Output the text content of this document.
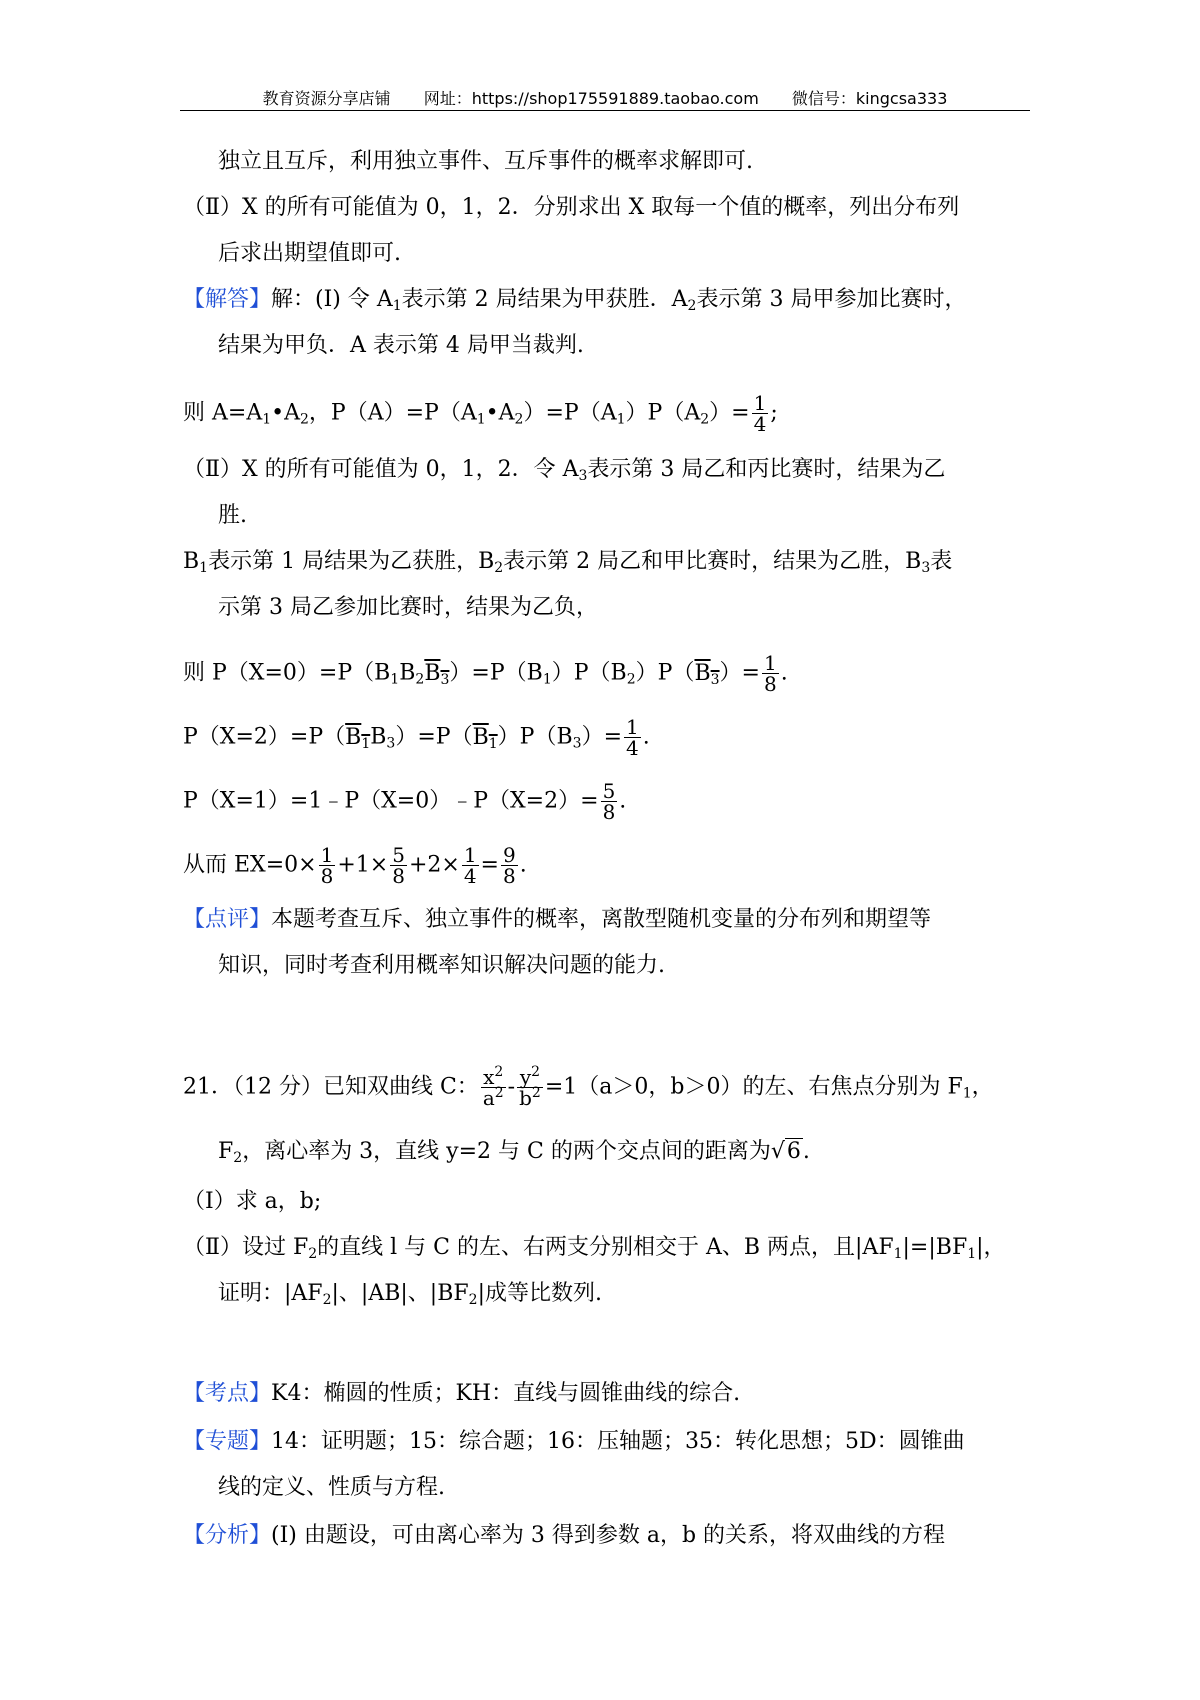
教育资源分享店铺 网址：https://shop175591889.taobao.com 微信号：kingcsa333
独立且互斥，利用独立事件、互斥事件的概率求解即可.
（Ⅱ）X 的所有可能值为 0，1，2．分别求出 X 取每一个值的概率，列出分布列
后求出期望值即可.
【解答】解：(Ⅰ) 令 $A_1$表示第 2 局结果为甲获胜．$A_2$表示第 3 局甲参加比赛时，
结果为甲负．A 表示第 4 局甲当裁判.
则 $A=A_1•A_2$，$P(A)=P(A_1•A_2)=P(A_1)P(A_2)= \frac{1}{4}$ ;
（Ⅱ）X 的所有可能值为 0，1，2．令 $A_3$表示第 3 局乙和丙比赛时，结果为乙
胜.
$B_1$表示第 1 局结果为乙获胜，$B_2$表示第 2 局乙和甲比赛时，结果为乙胜，$B_3$表
示第 3 局乙参加比赛时，结果为乙负，
则 $P(X=0)=P(B_1B_2B_3)=P(B_1)P(B_2)P(B_3)= \frac{1}{8}$ .
$P(X=2)=P(B_1B_3)=P(B_1)P(B_3)= \frac{1}{4}$ .
P（X=1）=1﹣P（X=0）﹣P（X=2）= $\frac{5}{8}$ .
从而 $EX=0\times \frac{1}{8} +1\times \frac{5}{8} +2\times \frac{1}{4} = \frac{9}{8}$ .
【点评】本题考查互斥、独立事件的概率，离散型随机变量的分布列和期望等
知识，同时考查利用概率知识解决问题的能力.
21．（12 分）已知双曲线 C： $\frac{x^2}{a^2} - \frac{y^2}{b^2} =1(a>0$，b＞0）的左、右焦点分别为 $F_1$，
$F_2$，离心率为 3，直线 y=2 与 C 的两个交点间的距离为√6.
（Ⅰ）求 a，b;
（Ⅱ）设过 $F_2$的直线 l 与 C 的左、右两支分别相交于 A、B 两点，且$|AF_1|=|BF_1|$，
证明：$|AF_2|$、|AB|、$|BF_2|$成等比数列.
【考点】K4：椭圆的性质；KH：直线与圆锥曲线的综合.
【专题】14：证明题；15：综合题；16：压轴题；35：转化思想；5D：圆锥曲
线的定义、性质与方程.
【分析】(Ⅰ) 由题设，可由离心率为 3 得到参数 a，b 的关系，将双曲线的方程
